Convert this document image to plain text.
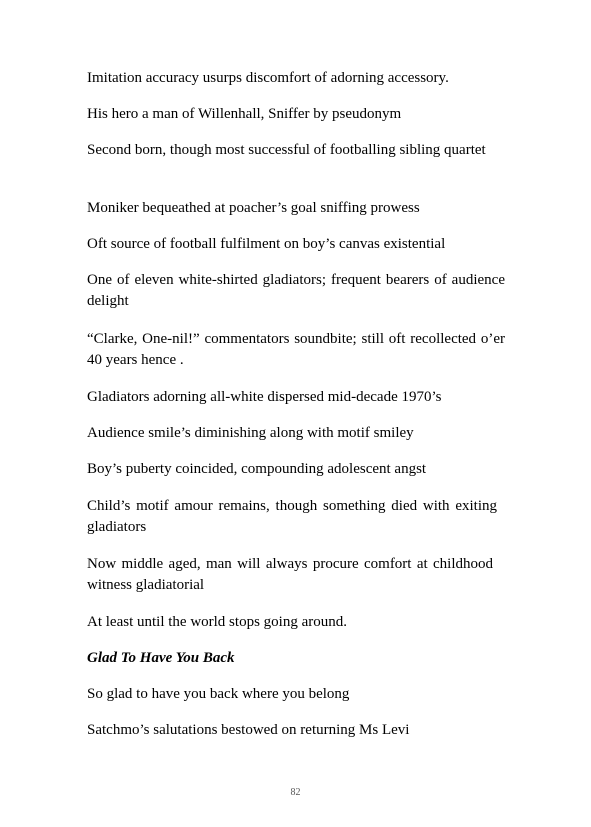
Imitation accuracy usurps discomfort of adorning accessory.

His hero a man of Willenhall, Sniffer by pseudonym

Second born, though most successful of footballing sibling quartet

Moniker bequeathed at poacher’s goal sniffing prowess

Oft source of football fulfilment on boy’s canvas existential

One of eleven white-shirted gladiators; frequent bearers of audience delight

“Clarke, One-nil!” commentators soundbite; still oft recollected o’er 40 years hence .

Gladiators adorning all-white dispersed mid-decade 1970’s

Audience smile’s diminishing along with motif smiley

Boy’s puberty coincided, compounding adolescent angst

Child’s motif amour remains, though something died with exiting gladiators

Now middle aged, man will always procure comfort at childhood witness gladiatorial

At least until the world stops going around.

Glad To Have You Back

So glad to have you back where you belong

Satchmo’s salutations bestowed on returning Ms Levi

82
